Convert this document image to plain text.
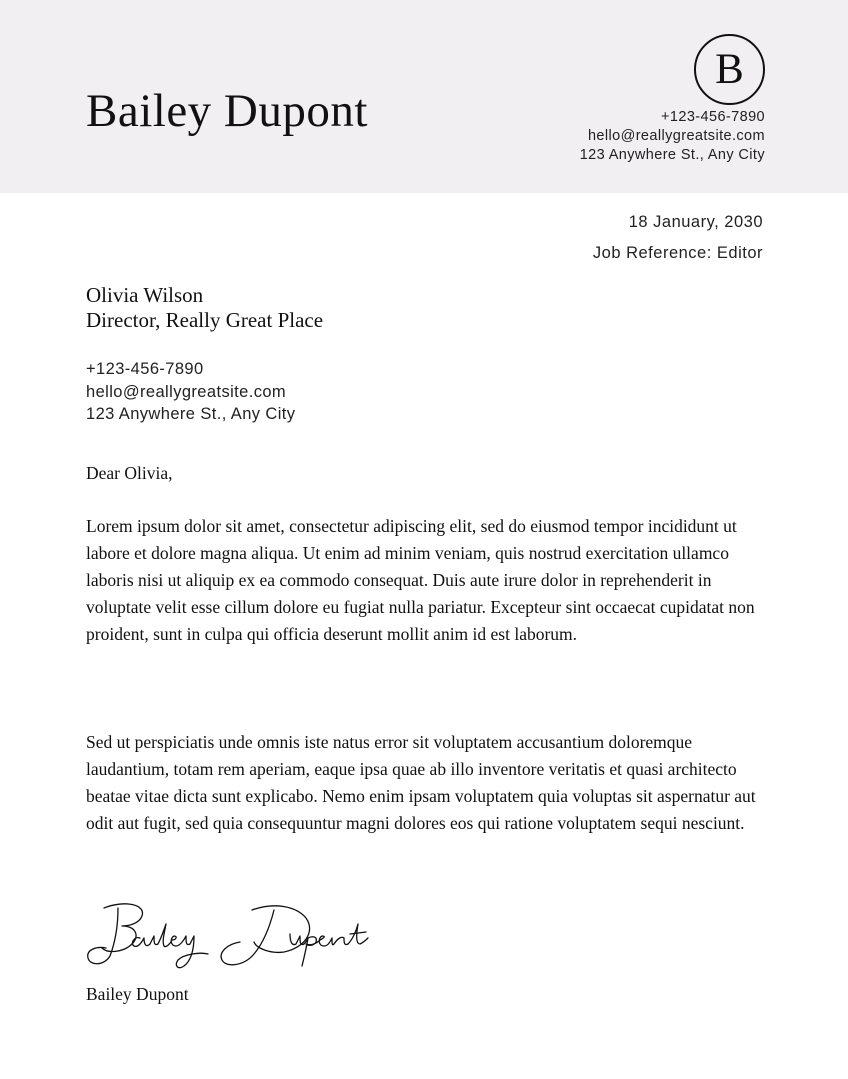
Bailey Dupont
B
+123-456-7890
hello@reallygreatsite.com
123 Anywhere St., Any City
18 January, 2030
Job Reference: Editor
Olivia Wilson
Director, Really Great Place
+123-456-7890
hello@reallygreatsite.com
123 Anywhere St., Any City
Dear Olivia,
Lorem ipsum dolor sit amet, consectetur adipiscing elit, sed do eiusmod tempor incididunt ut labore et dolore magna aliqua. Ut enim ad minim veniam, quis nostrud exercitation ullamco laboris nisi ut aliquip ex ea commodo consequat. Duis aute irure dolor in reprehenderit in voluptate velit esse cillum dolore eu fugiat nulla pariatur. Excepteur sint occaecat cupidatat non proident, sunt in culpa qui officia deserunt mollit anim id est laborum.
Sed ut perspiciatis unde omnis iste natus error sit voluptatem accusantium doloremque laudantium, totam rem aperiam, eaque ipsa quae ab illo inventore veritatis et quasi architecto beatae vitae dicta sunt explicabo. Nemo enim ipsam voluptatem quia voluptas sit aspernatur aut odit aut fugit, sed quia consequuntur magni dolores eos qui ratione voluptatem sequi nesciunt.
Bailey Dupont
